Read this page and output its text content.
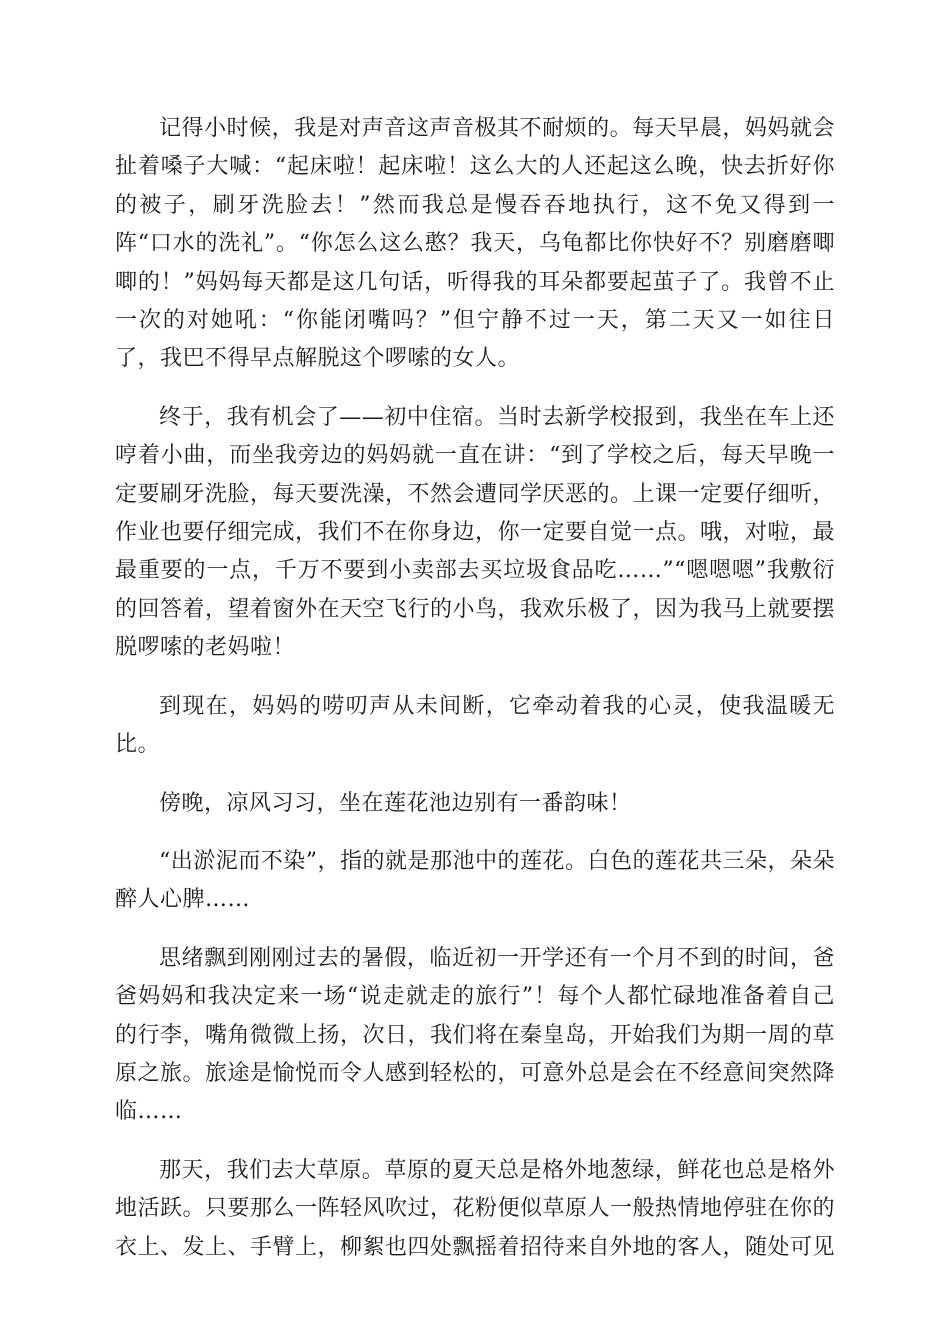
记得小时候，我是对声音这声音极其不耐烦的。每天早晨，妈妈就会扯着嗓子大喊：“起床啦！起床啦！这么大的人还起这么晚，快去折好你的被子，刷牙洗脸去！”然而我总是慢吞吞地执行，这不免又得到一阵“口水的洗礼”。“你怎么这么憨？我天，乌龟都比你快好不？别磨磨唧唧的！”妈妈每天都是这几句话，听得我的耳朵都要起茧子了。我曾不止一次的对她吼：“你能闭嘴吗？”但宁静不过一天，第二天又一如往日了，我巴不得早点解脱这个啰嗦的女人。

终于，我有机会了——初中住宿。当时去新学校报到，我坐在车上还哼着小曲，而坐我旁边的妈妈就一直在讲：“到了学校之后，每天早晚一定要刷牙洗脸，每天要洗澡，不然会遭同学厌恶的。上课一定要仔细听，作业也要仔细完成，我们不在你身边，你一定要自觉一点。哦，对啦，最最重要的一点，千万不要到小卖部去买垃圾食品吃……”“嗯嗯嗯”我敷衍的回答着，望着窗外在天空飞行的小鸟，我欢乐极了，因为我马上就要摆脱啰嗦的老妈啦！

到现在，妈妈的唠叨声从未间断，它牵动着我的心灵，使我温暖无比。

傍晚，凉风习习，坐在莲花池边别有一番韵味！

“出淤泥而不染”，指的就是那池中的莲花。白色的莲花共三朵，朵朵醉人心脾……

思绪飘到刚刚过去的暑假，临近初一开学还有一个月不到的时间，爸爸妈妈和我决定来一场“说走就走的旅行”！每个人都忙碌地准备着自己的行李，嘴角微微上扬，次日，我们将在秦皇岛，开始我们为期一周的草原之旅。旅途是愉悦而令人感到轻松的，可意外总是会在不经意间突然降临……

那天，我们去大草原。草原的夏天总是格外地葱绿，鲜花也总是格外地活跃。只要那么一阵轻风吹过，花粉便似草原人一般热情地停驻在你的衣上、发上、手臂上，柳絮也四处飘摇着招待来自外地的客人，随处可见
